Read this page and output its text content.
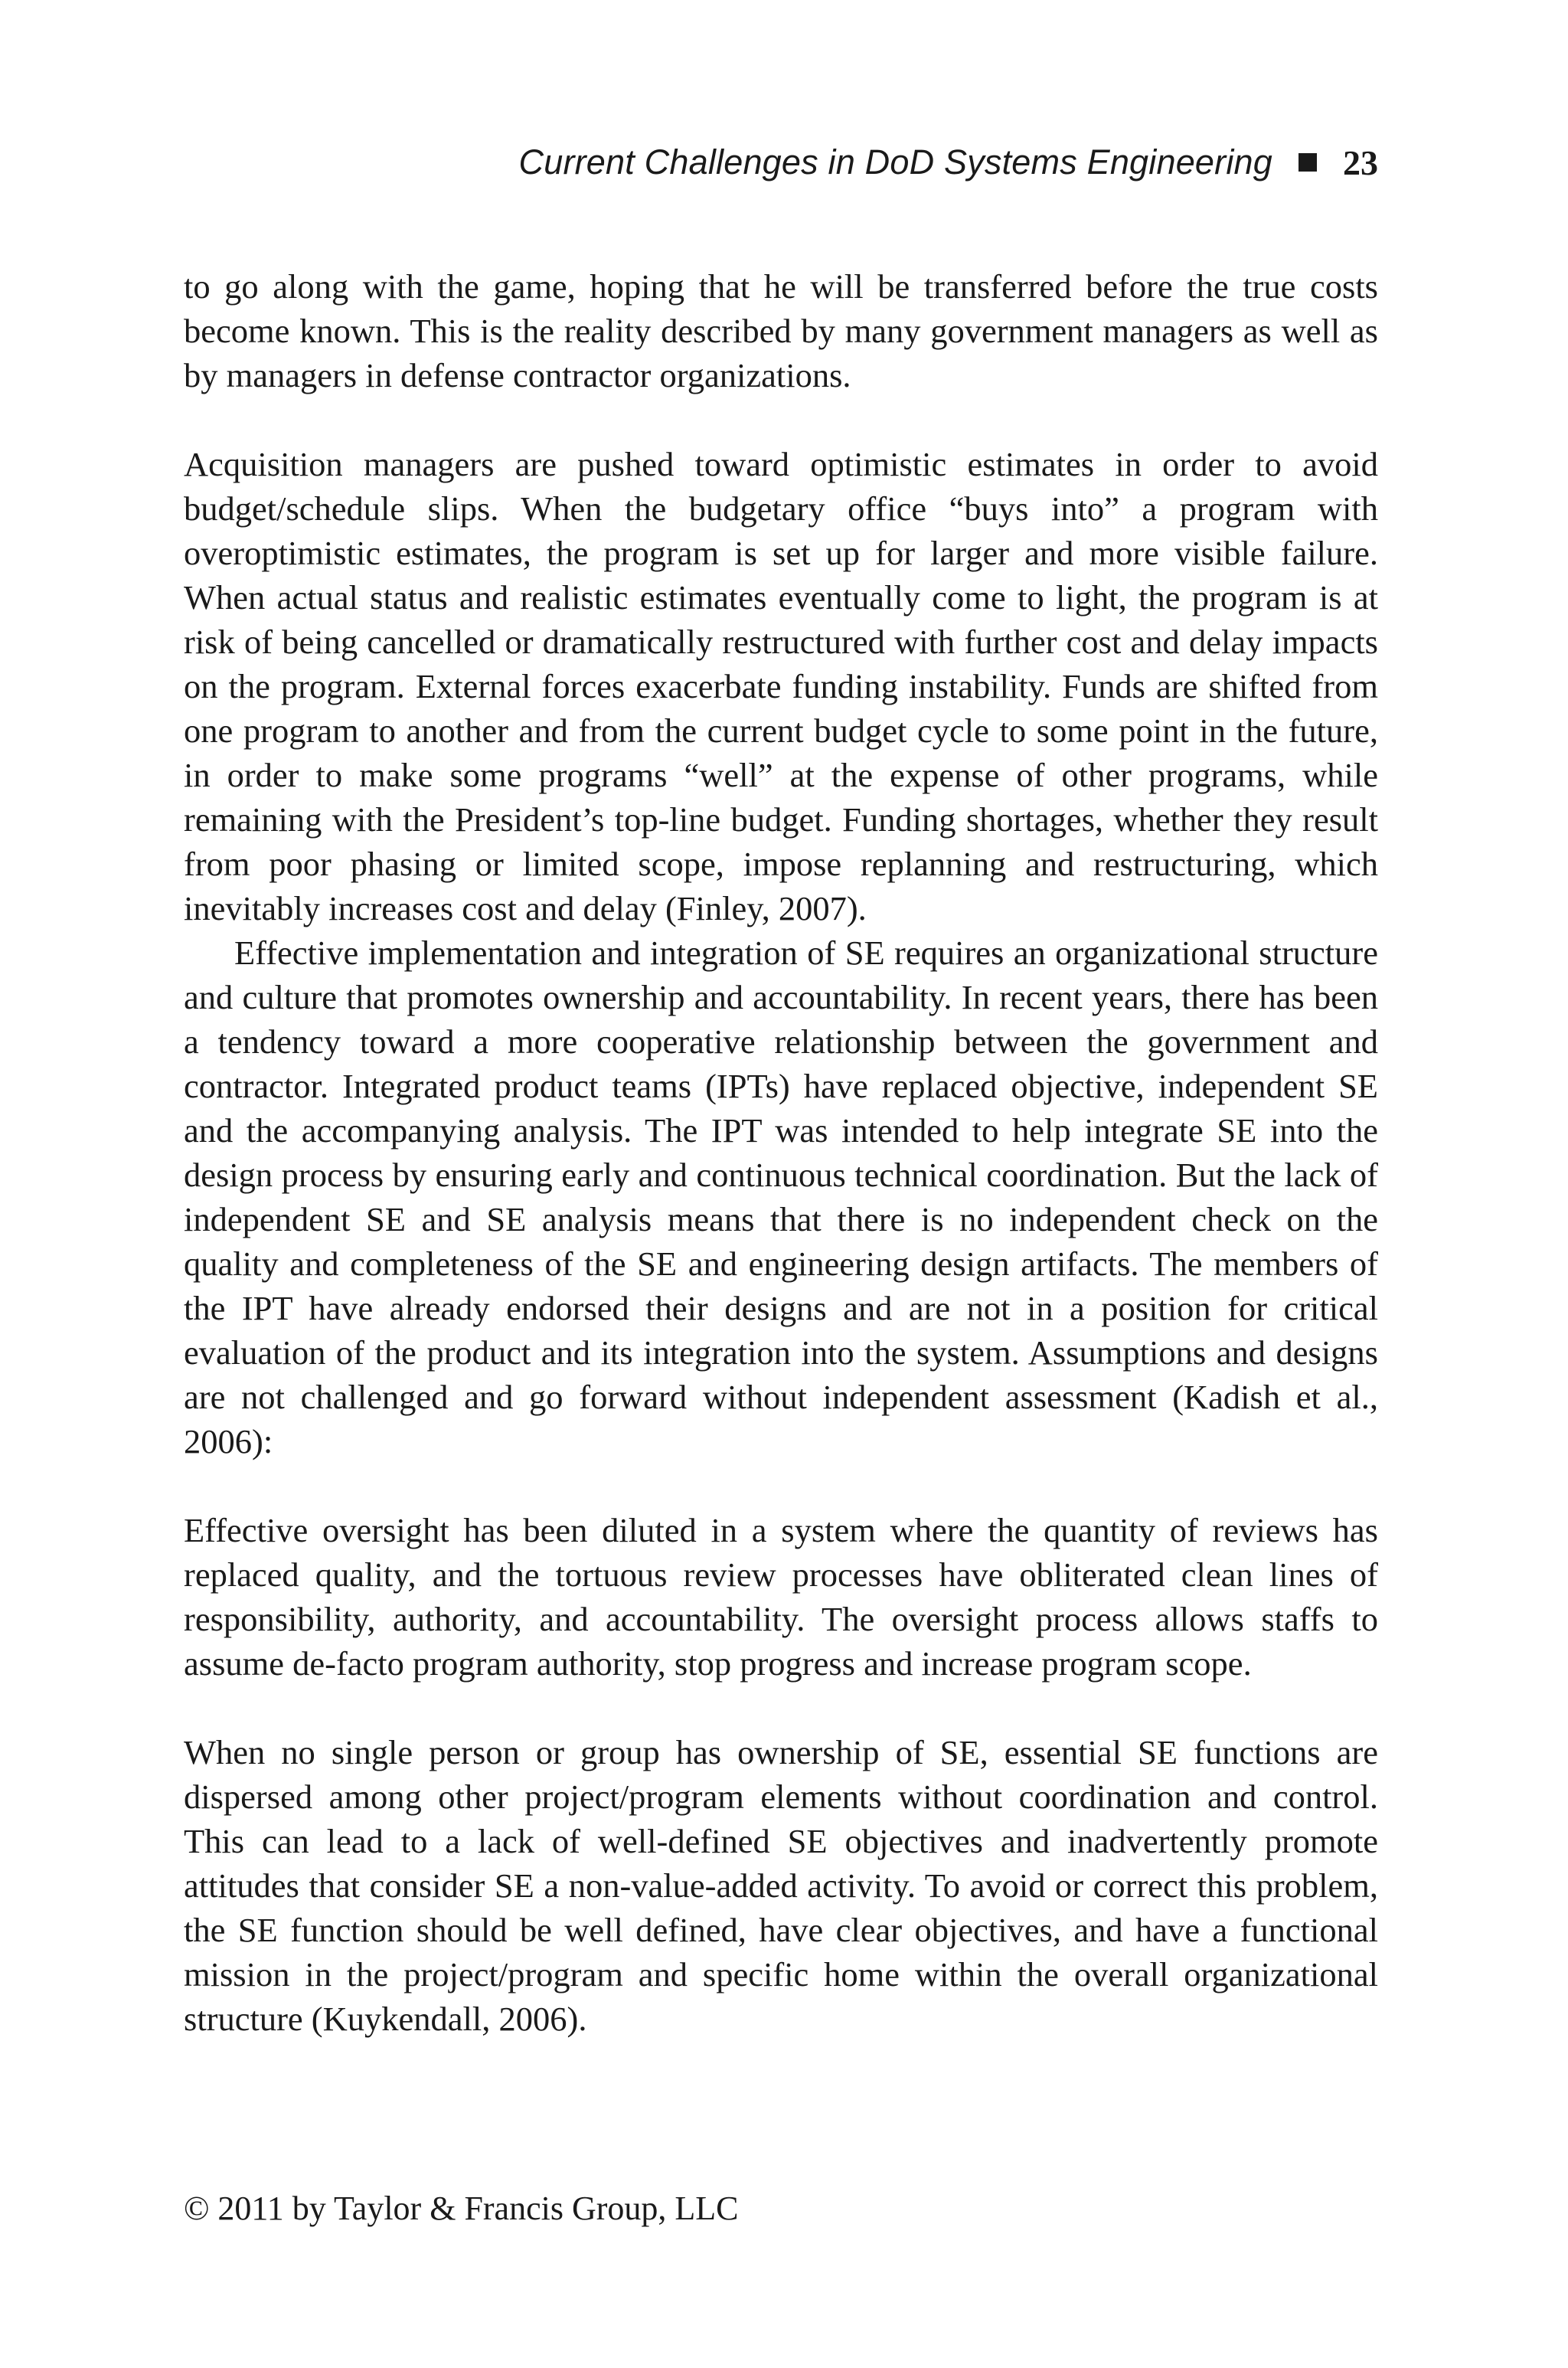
Current Challenges in DoD Systems Engineering 23

to go along with the game, hoping that he will be transferred before the true costs become known. This is the reality described by many government managers as well as by managers in defense contractor organizations.

Acquisition managers are pushed toward optimistic estimates in order to avoid budget/schedule slips. When the budgetary office “buys into” a program with overoptimistic estimates, the program is set up for larger and more visible failure. When actual status and realistic estimates eventually come to light, the program is at risk of being cancelled or dramatically restructured with further cost and delay impacts on the program. External forces exacerbate funding instability. Funds are shifted from one program to another and from the current budget cycle to some point in the future, in order to make some programs “well” at the expense of other programs, while remaining with the President’s top-line budget. Funding shortages, whether they result from poor phasing or limited scope, impose replanning and restructuring, which inevitably increases cost and delay (Finley, 2007).

Effective implementation and integration of SE requires an organizational structure and culture that promotes ownership and accountability. In recent years, there has been a tendency toward a more cooperative relationship between the government and contractor. Integrated product teams (IPTs) have replaced objective, independent SE and the accompanying analysis. The IPT was intended to help integrate SE into the design process by ensuring early and continuous technical coordination. But the lack of independent SE and SE analysis means that there is no independent check on the quality and completeness of the SE and engineering design artifacts. The members of the IPT have already endorsed their designs and are not in a position for critical evaluation of the product and its integration into the system. Assumptions and designs are not challenged and go forward without independent assessment (Kadish et al., 2006):

Effective oversight has been diluted in a system where the quantity of reviews has replaced quality, and the tortuous review processes have obliterated clean lines of responsibility, authority, and accountability. The oversight process allows staffs to assume de-facto program authority, stop progress and increase program scope.

When no single person or group has ownership of SE, essential SE functions are dispersed among other project/program elements without coordination and control. This can lead to a lack of well-defined SE objectives and inadvertently promote attitudes that consider SE a non-value-added activity. To avoid or correct this problem, the SE function should be well defined, have clear objectives, and have a functional mission in the project/program and specific home within the overall organizational structure (Kuykendall, 2006).

© 2011 by Taylor & Francis Group, LLC
